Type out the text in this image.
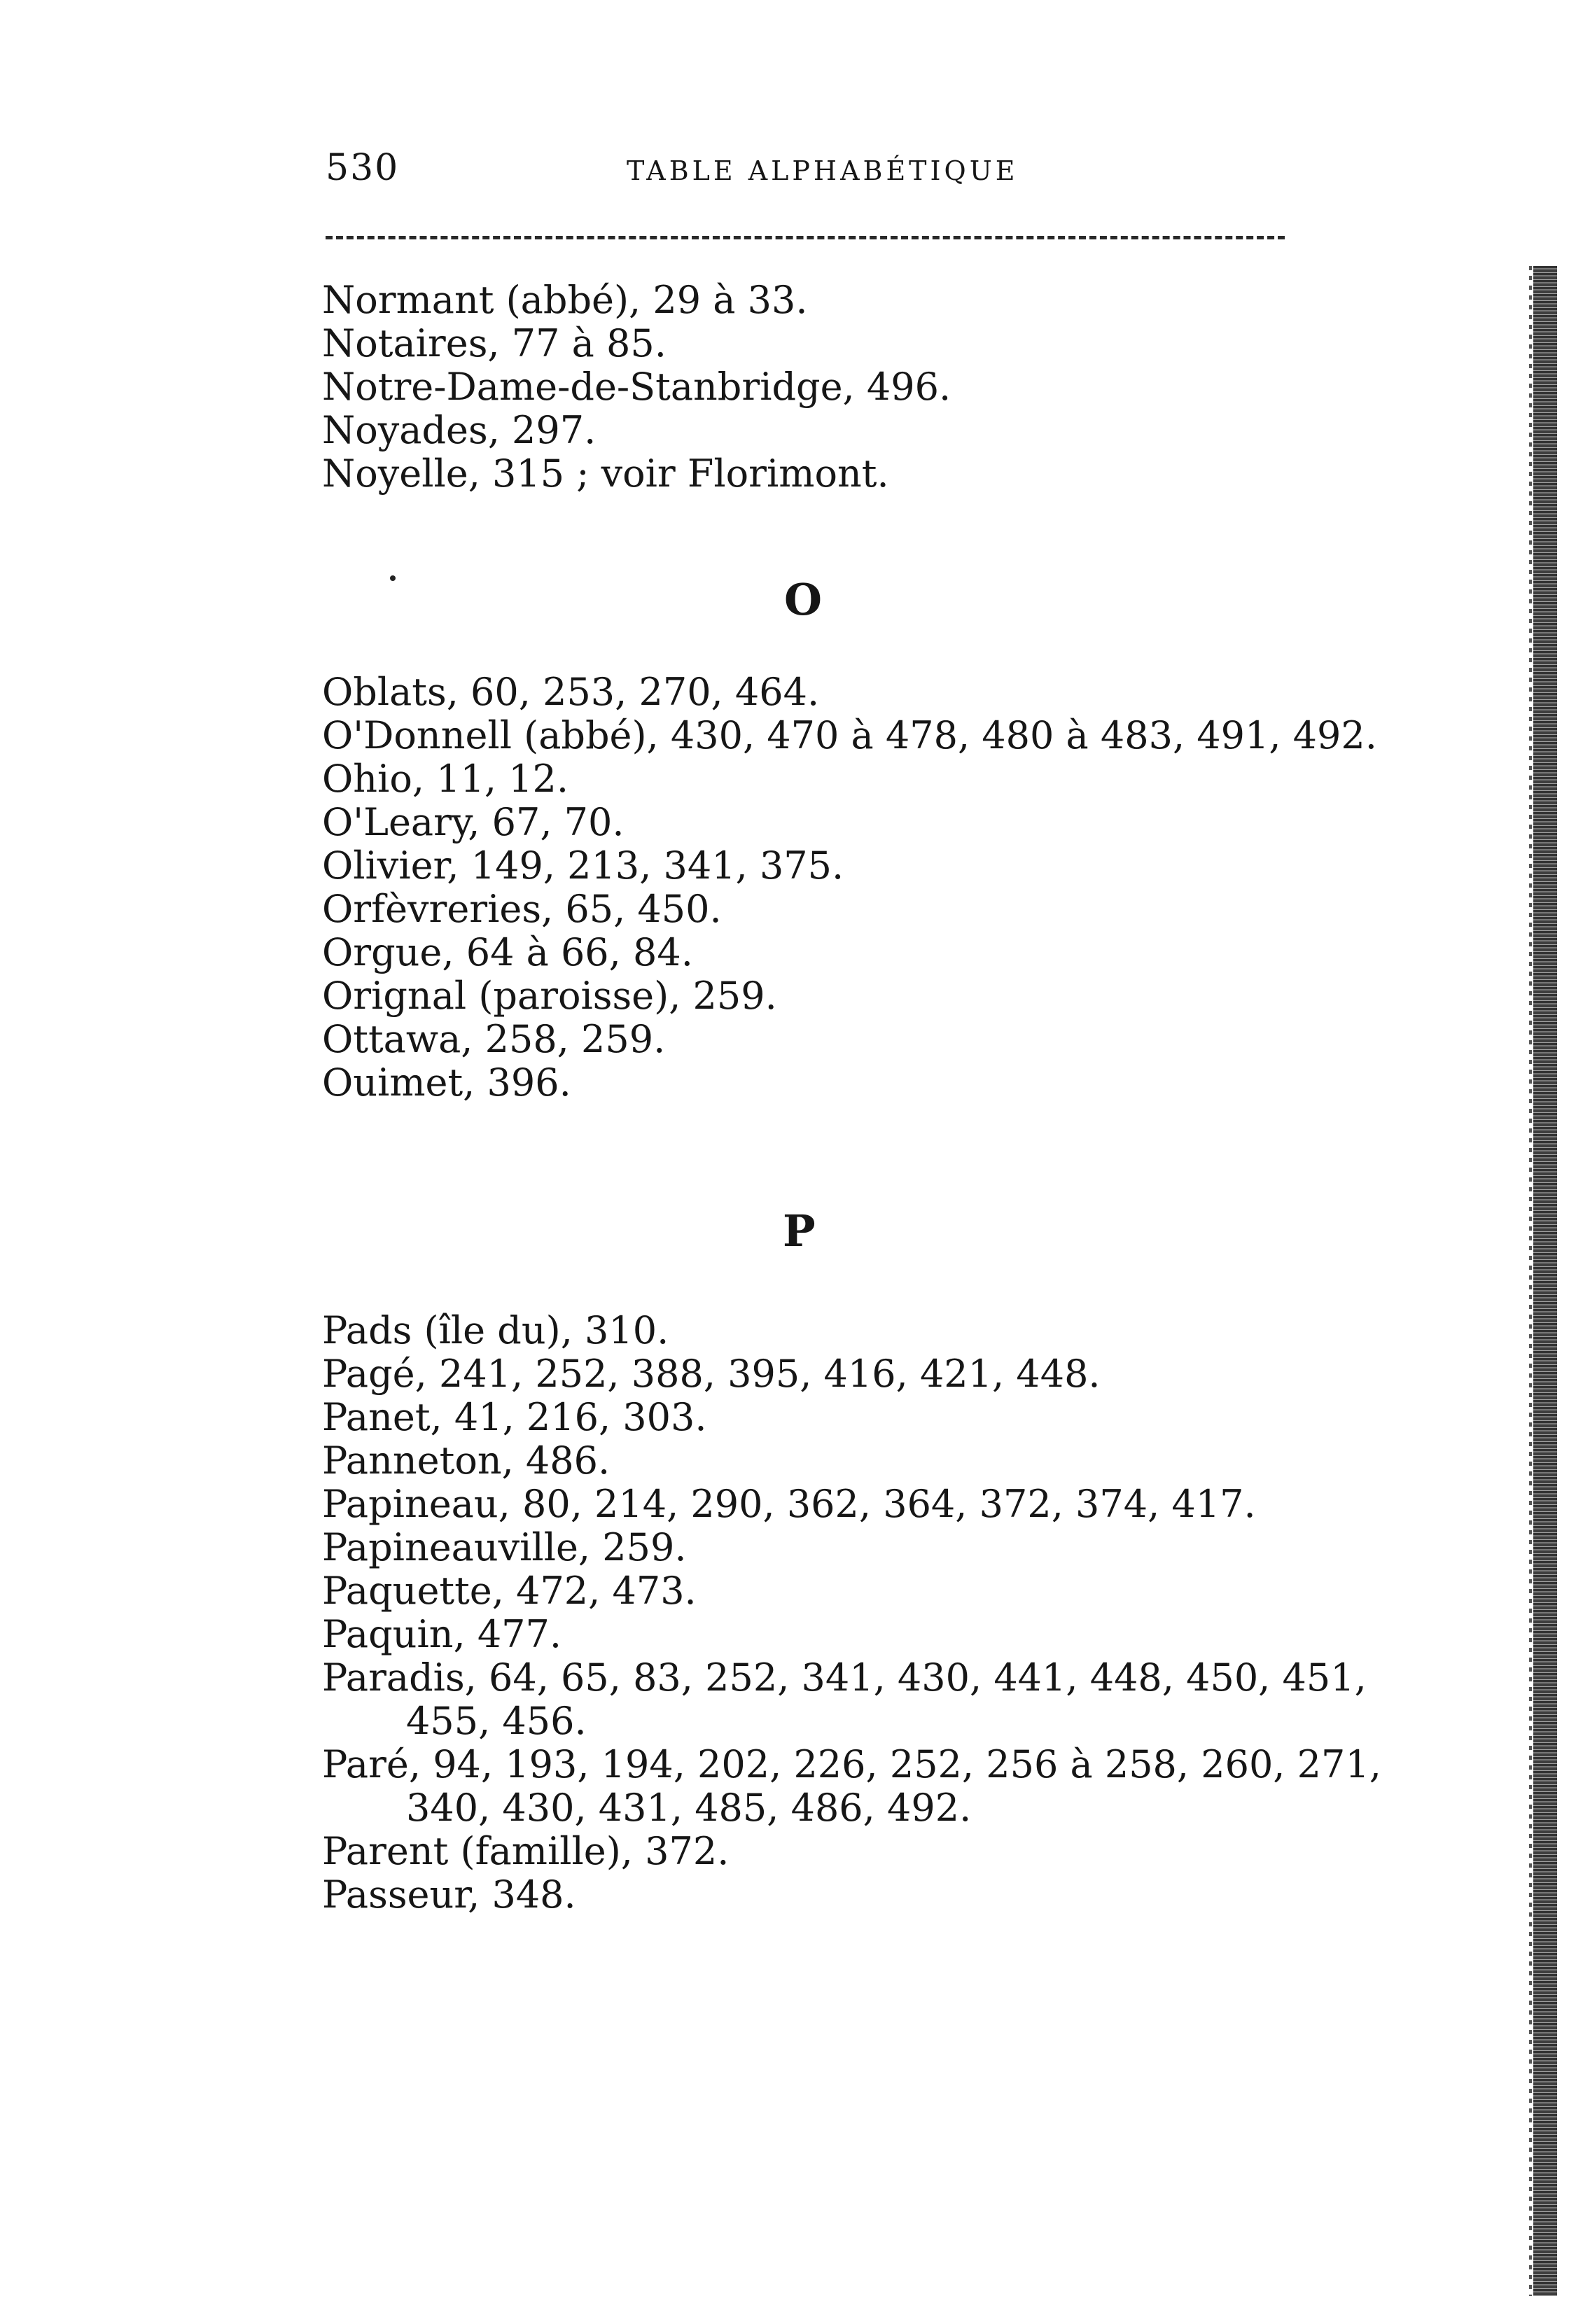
530	TABLE ALPHABÉTIQUE
Normant (abbé), 29 à 33.
Notaires, 77 à 85.
Notre-Dame-de-Stanbridge, 496.
Noyades, 297.
Noyelle, 315 ; voir Florimont.
O
Oblats, 60, 253, 270, 464.
O'Donnell (abbé), 430, 470 à 478, 480 à 483, 491, 492.
Ohio, 11, 12.
O'Leary, 67, 70.
Olivier, 149, 213, 341, 375.
Orfèvreries, 65, 450.
Orgue, 64 à 66, 84.
Orignal (paroisse), 259.
Ottawa, 258, 259.
Ouimet, 396.
P
Pads (île du), 310.
Pagé, 241, 252, 388, 395, 416, 421, 448.
Panet, 41, 216, 303.
Panneton, 486.
Papineau, 80, 214, 290, 362, 364, 372, 374, 417.
Papineauville, 259.
Paquette, 472, 473.
Paquin, 477.
Paradis, 64, 65, 83, 252, 341, 430, 441, 448, 450, 451,
455, 456.
Paré, 94, 193, 194, 202, 226, 252, 256 à 258, 260, 271,
340, 430, 431, 485, 486, 492.
Parent (famille), 372.
Passeur, 348.
